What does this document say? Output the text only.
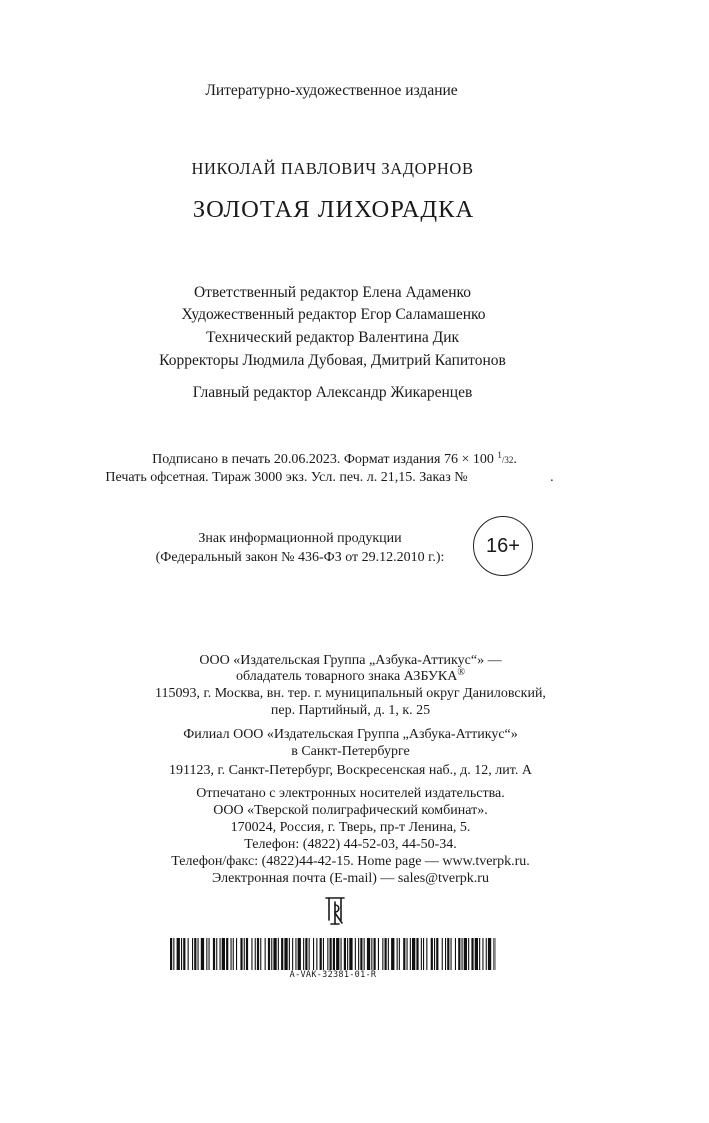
Литературно-художественное издание
НИКОЛАЙ ПАВЛОВИЧ ЗАДОРНОВ
ЗОЛОТАЯ ЛИХОРАДКА
Ответственный редактор Елена Адаменко
Художественный редактор Егор Саламашенко
Технический редактор Валентина Дик
Корректоры Людмила Дубовая, Дмитрий Капитонов
Главный редактор Александр Жикаренцев
Подписано в печать 20.06.2023. Формат издания 76 × 100 $^1$/32.
Печать офсетная. Тираж 3000 экз. Усл. печ. л. 21,15. Заказ №	.
Знак информационной продукции
(Федеральный закон № 436-ФЗ от 29.12.2010 г.):
16+
ООО «Издательская Группа „Азбука-Аттикус“» —
обладатель товарного знака АЗБУКА®
115093, г. Москва, вн. тер. г. муниципальный округ Даниловский,
пер. Партийный, д. 1, к. 25
Филиал ООО «Издательская Группа „Азбука-Аттикус“»
в Санкт-Петербурге
191123, г. Санкт-Петербург, Воскресенская наб., д. 12, лит. А
Отпечатано с электронных носителей издательства.
ООО «Тверской полиграфический комбинат».
170024, Россия, г. Тверь, пр-т Ленина, 5.
Телефон: (4822) 44-52-03, 44-50-34.
Телефон/факс: (4822)44-42-15. Home page — www.tverpk.ru.
Электронная почта (E-mail) — sales@tverpk.ru
A-VAK-32381-01-R
